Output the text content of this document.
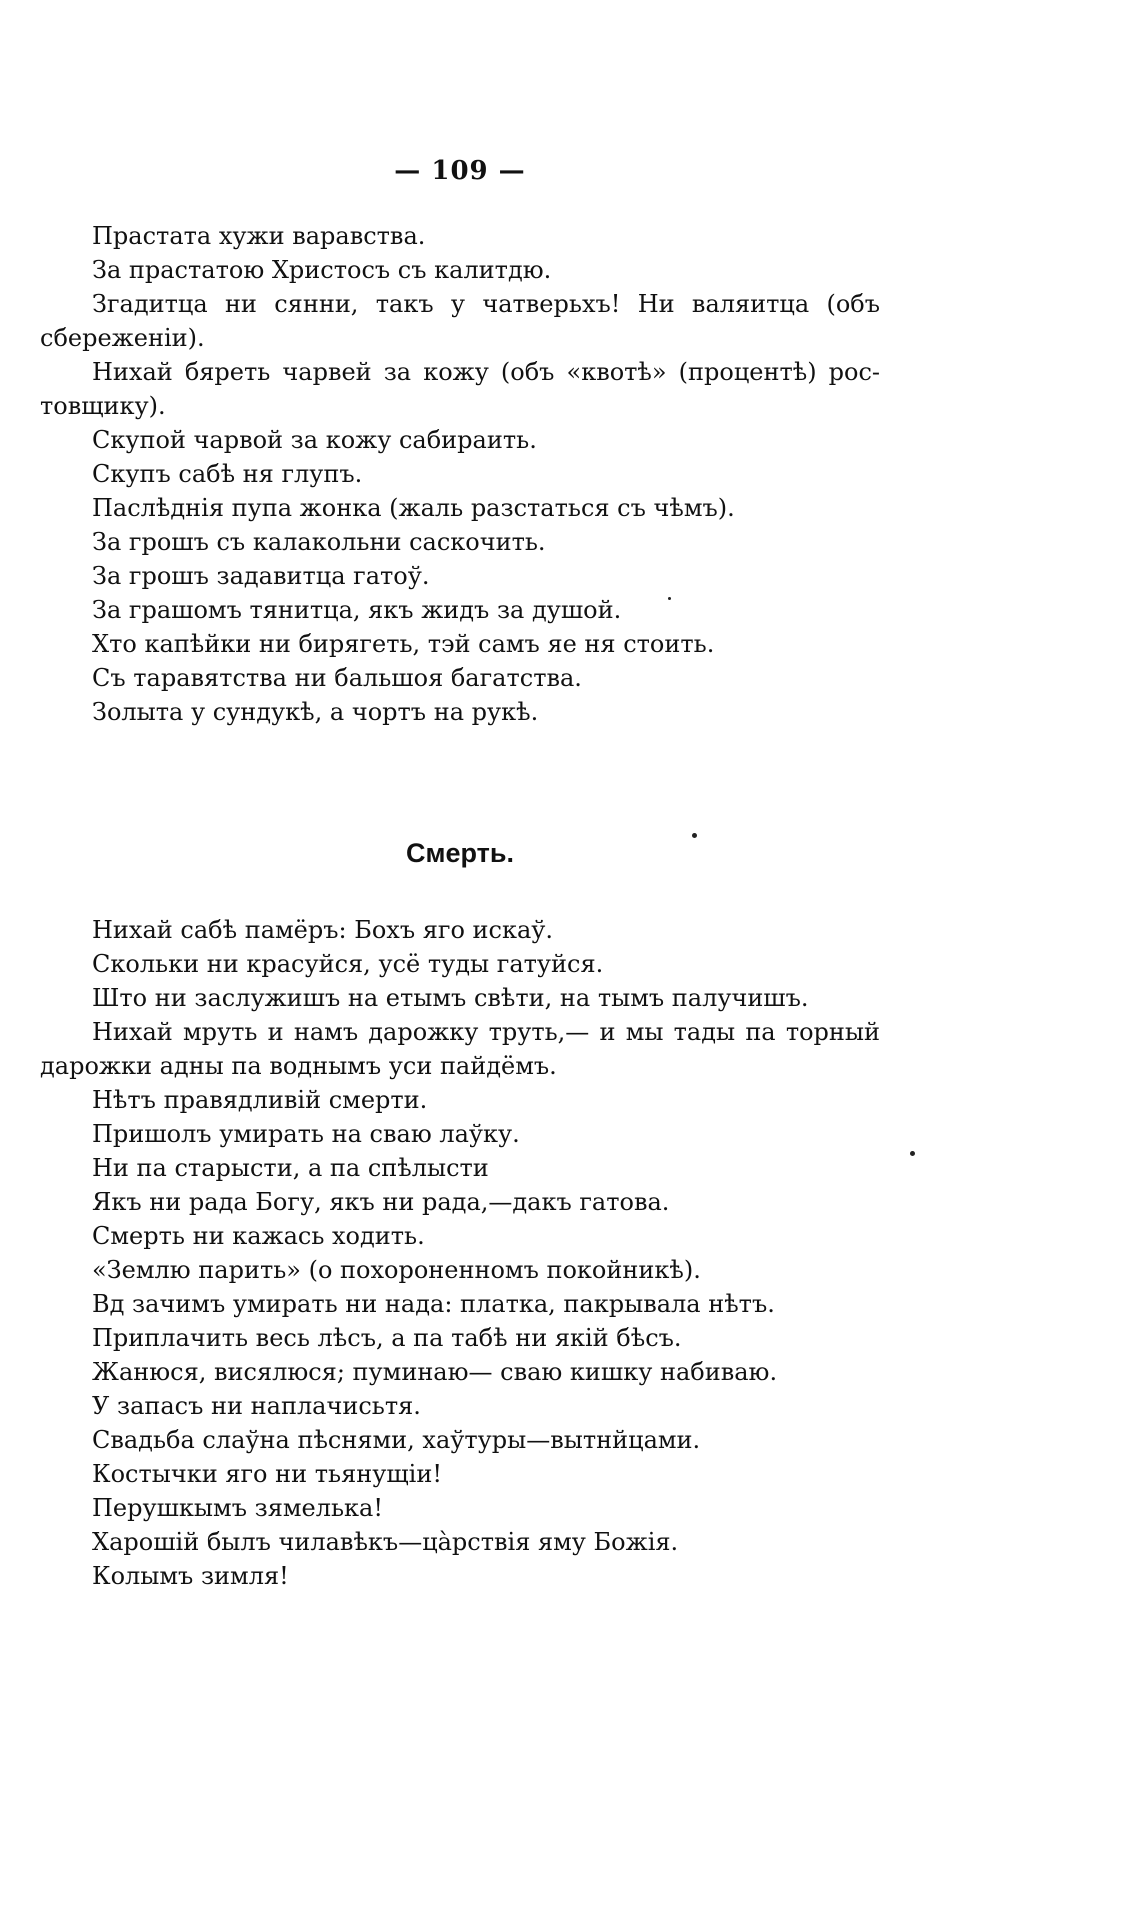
— 109 —
Прастата хужи варавства.
За прастатою Христосъ съ калитдю.
Згадитца ни сянни, такъ у чатверьхъ! Ни валяитца (объ
сбереженіи).
Нихай бяреть чарвей за кожу (объ «квотѣ» (процентѣ) рос-
товщику).
Скупой чарвой за кожу сабираить.
Скупъ сабѣ ня глупъ.
Паслѣднія пупа жонка (жаль разстаться съ чѣмъ).
За грошъ съ калакольни саскочить.
За грошъ задавитца гатоў.
За грашомъ тянитца, якъ жидъ за душой.
Хто капѣйки ни бирягеть, тэй самъ яе ня стоить.
Съ таравятства ни бальшоя багатства.
Золыта у сундукѣ, а чортъ на рукѣ.
Смерть.
Нихай сабѣ памёръ: Бохъ яго искаў.
Скольки ни красуйся, усё туды гатуйся.
Што ни заслужишъ на етымъ свѣти, на тымъ палучишъ.
Нихай мруть и намъ дарожку труть,— и мы тады па торный
дарожки адны па воднымъ уси пайдёмъ.
Нѣтъ правядливій смерти.
Пришолъ умирать на сваю лаўку.
Ни па старысти, а па спѣлысти
Якъ ни рада Богу, якъ ни рада,—дакъ гатова.
Смерть ни кажась ходить.
«Землю парить» (о похороненномъ покойникѣ).
Вд зачимъ умирать ни нада: платка, пакрывала нѣтъ.
Приплачить весь лѣсъ, а па табѣ ни якій бѣсъ.
Жанюся, висялюся; пуминаю— сваю кишку набиваю.
У запасъ ни наплачисьтя.
Свадьба слаўна пѣснями, хаўтуры—вытнйцами.
Костычки яго ни тьянущіи!
Перушкымъ зямелька!
Харошій былъ чилавѣкъ—ца̀рствія яму Божія.
Колымъ зимля!
